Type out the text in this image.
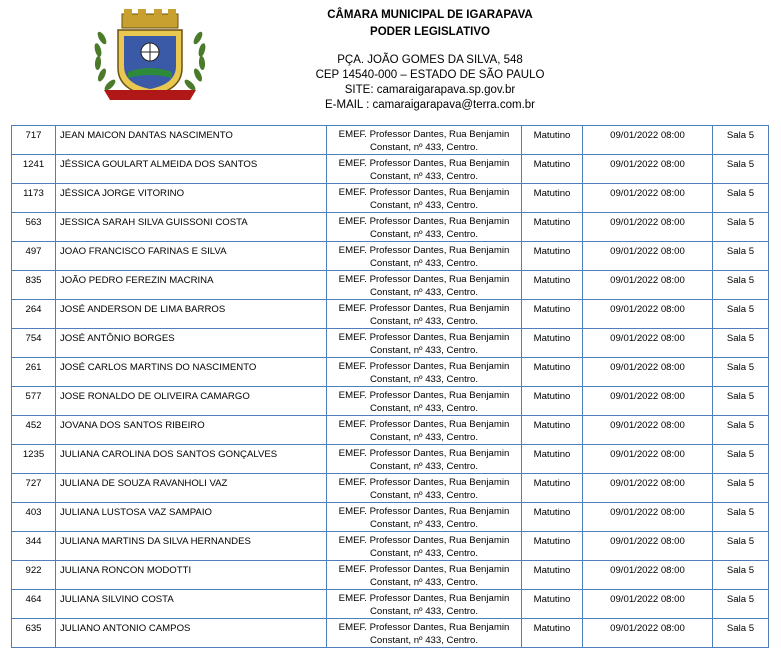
CÂMARA MUNICIPAL DE IGARAPAVA
PODER LEGISLATIVO
PÇA. JOÃO GOMES DA SILVA, 548
CEP 14540-000 – ESTADO DE SÃO PAULO
SITE: camaraigarapava.sp.gov.br
E-MAIL : camaraigarapava@terra.com.br
717	JEAN MAICON DANTAS NASCIMENTO	EMEF. Professor Dantes, Rua Benjamin
Constant, nº 433, Centro.	Matutino	09/01/2022 08:00	Sala 5
1241	JÉSSICA GOULART ALMEIDA DOS SANTOS	EMEF. Professor Dantes, Rua Benjamin
Constant, nº 433, Centro.	Matutino	09/01/2022 08:00	Sala 5
1173	JÉSSICA JORGE VITORINO	EMEF. Professor Dantes, Rua Benjamin
Constant, nº 433, Centro.	Matutino	09/01/2022 08:00	Sala 5
563	JESSICA SARAH SILVA GUISSONI COSTA	EMEF. Professor Dantes, Rua Benjamin
Constant, nº 433, Centro.	Matutino	09/01/2022 08:00	Sala 5
497	JOAO FRANCISCO FARINAS E SILVA	EMEF. Professor Dantes, Rua Benjamin
Constant, nº 433, Centro.	Matutino	09/01/2022 08:00	Sala 5
835	JOÃO PEDRO FEREZIN MACRINA	EMEF. Professor Dantes, Rua Benjamin
Constant, nº 433, Centro.	Matutino	09/01/2022 08:00	Sala 5
264	JOSÉ ANDERSON DE LIMA BARROS	EMEF. Professor Dantes, Rua Benjamin
Constant, nº 433, Centro.	Matutino	09/01/2022 08:00	Sala 5
754	JOSÉ ANTÔNIO BORGES	EMEF. Professor Dantes, Rua Benjamin
Constant, nº 433, Centro.	Matutino	09/01/2022 08:00	Sala 5
261	JOSÉ CARLOS MARTINS DO NASCIMENTO	EMEF. Professor Dantes, Rua Benjamin
Constant, nº 433, Centro.	Matutino	09/01/2022 08:00	Sala 5
577	JOSE RONALDO DE OLIVEIRA CAMARGO	EMEF. Professor Dantes, Rua Benjamin
Constant, nº 433, Centro.	Matutino	09/01/2022 08:00	Sala 5
452	JOVANA DOS SANTOS RIBEIRO	EMEF. Professor Dantes, Rua Benjamin
Constant, nº 433, Centro.	Matutino	09/01/2022 08:00	Sala 5
1235	JULIANA CAROLINA DOS SANTOS GONÇALVES	EMEF. Professor Dantes, Rua Benjamin
Constant, nº 433, Centro.	Matutino	09/01/2022 08:00	Sala 5
727	JULIANA DE SOUZA RAVANHOLI VAZ	EMEF. Professor Dantes, Rua Benjamin
Constant, nº 433, Centro.	Matutino	09/01/2022 08:00	Sala 5
403	JULIANA LUSTOSA VAZ SAMPAIO	EMEF. Professor Dantes, Rua Benjamin
Constant, nº 433, Centro.	Matutino	09/01/2022 08:00	Sala 5
344	JULIANA MARTINS DA SILVA HERNANDES	EMEF. Professor Dantes, Rua Benjamin
Constant, nº 433, Centro.	Matutino	09/01/2022 08:00	Sala 5
922	JULIANA RONCON MODOTTI	EMEF. Professor Dantes, Rua Benjamin
Constant, nº 433, Centro.	Matutino	09/01/2022 08:00	Sala 5
464	JULIANA SILVINO COSTA	EMEF. Professor Dantes, Rua Benjamin
Constant, nº 433, Centro.	Matutino	09/01/2022 08:00	Sala 5
635	JULIANO ANTONIO CAMPOS	EMEF. Professor Dantes, Rua Benjamin
Constant, nº 433, Centro.	Matutino	09/01/2022 08:00	Sala 5
